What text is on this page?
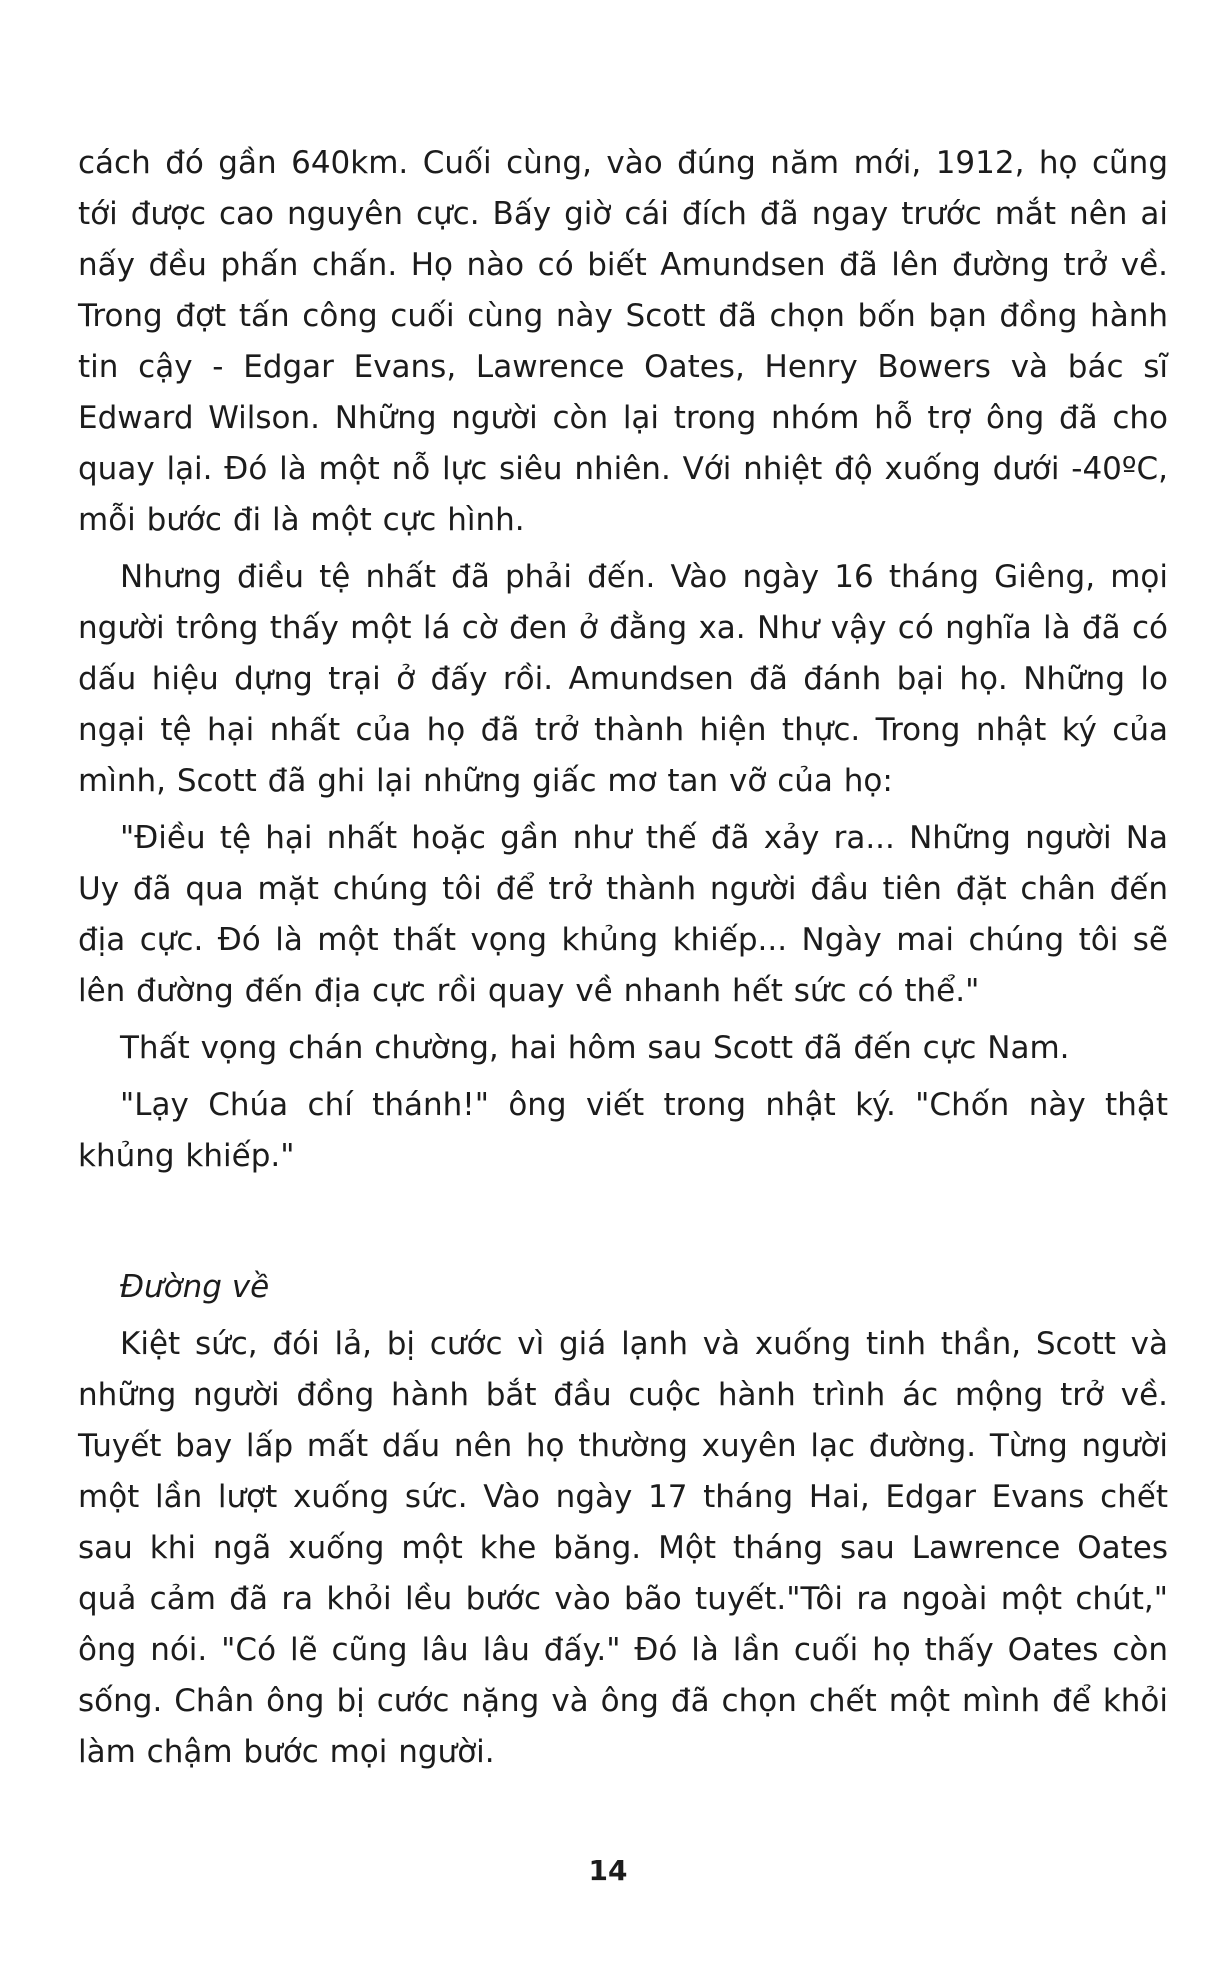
cách đó gần 640km. Cuối cùng, vào đúng năm mới, 1912, họ cũng tới được cao nguyên cực. Bấy giờ cái đích đã ngay trước mắt nên ai nấy đều phấn chấn. Họ nào có biết Amundsen đã lên đường trở về. Trong đợt tấn công cuối cùng này Scott đã chọn bốn bạn đồng hành tin cậy - Edgar Evans, Lawrence Oates, Henry Bowers và bác sĩ Edward Wilson. Những người còn lại trong nhóm hỗ trợ ông đã cho quay lại. Đó là một nỗ lực siêu nhiên. Với nhiệt độ xuống dưới -40ºC, mỗi bước đi là một cực hình.

Nhưng điều tệ nhất đã phải đến. Vào ngày 16 tháng Giêng, mọi người trông thấy một lá cờ đen ở đằng xa. Như vậy có nghĩa là đã có dấu hiệu dựng trại ở đấy rồi. Amundsen đã đánh bại họ. Những lo ngại tệ hại nhất của họ đã trở thành hiện thực. Trong nhật ký của mình, Scott đã ghi lại những giấc mơ tan vỡ của họ:

"Điều tệ hại nhất hoặc gần như thế đã xảy ra... Những người Na Uy đã qua mặt chúng tôi để trở thành người đầu tiên đặt chân đến địa cực. Đó là một thất vọng khủng khiếp... Ngày mai chúng tôi sẽ lên đường đến địa cực rồi quay về nhanh hết sức có thể."

Thất vọng chán chường, hai hôm sau Scott đã đến cực Nam.

"Lạy Chúa chí thánh!" ông viết trong nhật ký. "Chốn này thật khủng khiếp."

Đường về

Kiệt sức, đói lả, bị cước vì giá lạnh và xuống tinh thần, Scott và những người đồng hành bắt đầu cuộc hành trình ác mộng trở về. Tuyết bay lấp mất dấu nên họ thường xuyên lạc đường. Từng người một lần lượt xuống sức. Vào ngày 17 tháng Hai, Edgar Evans chết sau khi ngã xuống một khe băng. Một tháng sau Lawrence Oates quả cảm đã ra khỏi lều bước vào bão tuyết."Tôi ra ngoài một chút," ông nói. "Có lẽ cũng lâu lâu đấy." Đó là lần cuối họ thấy Oates còn sống. Chân ông bị cước nặng và ông đã chọn chết một mình để khỏi làm chậm bước mọi người.

14
